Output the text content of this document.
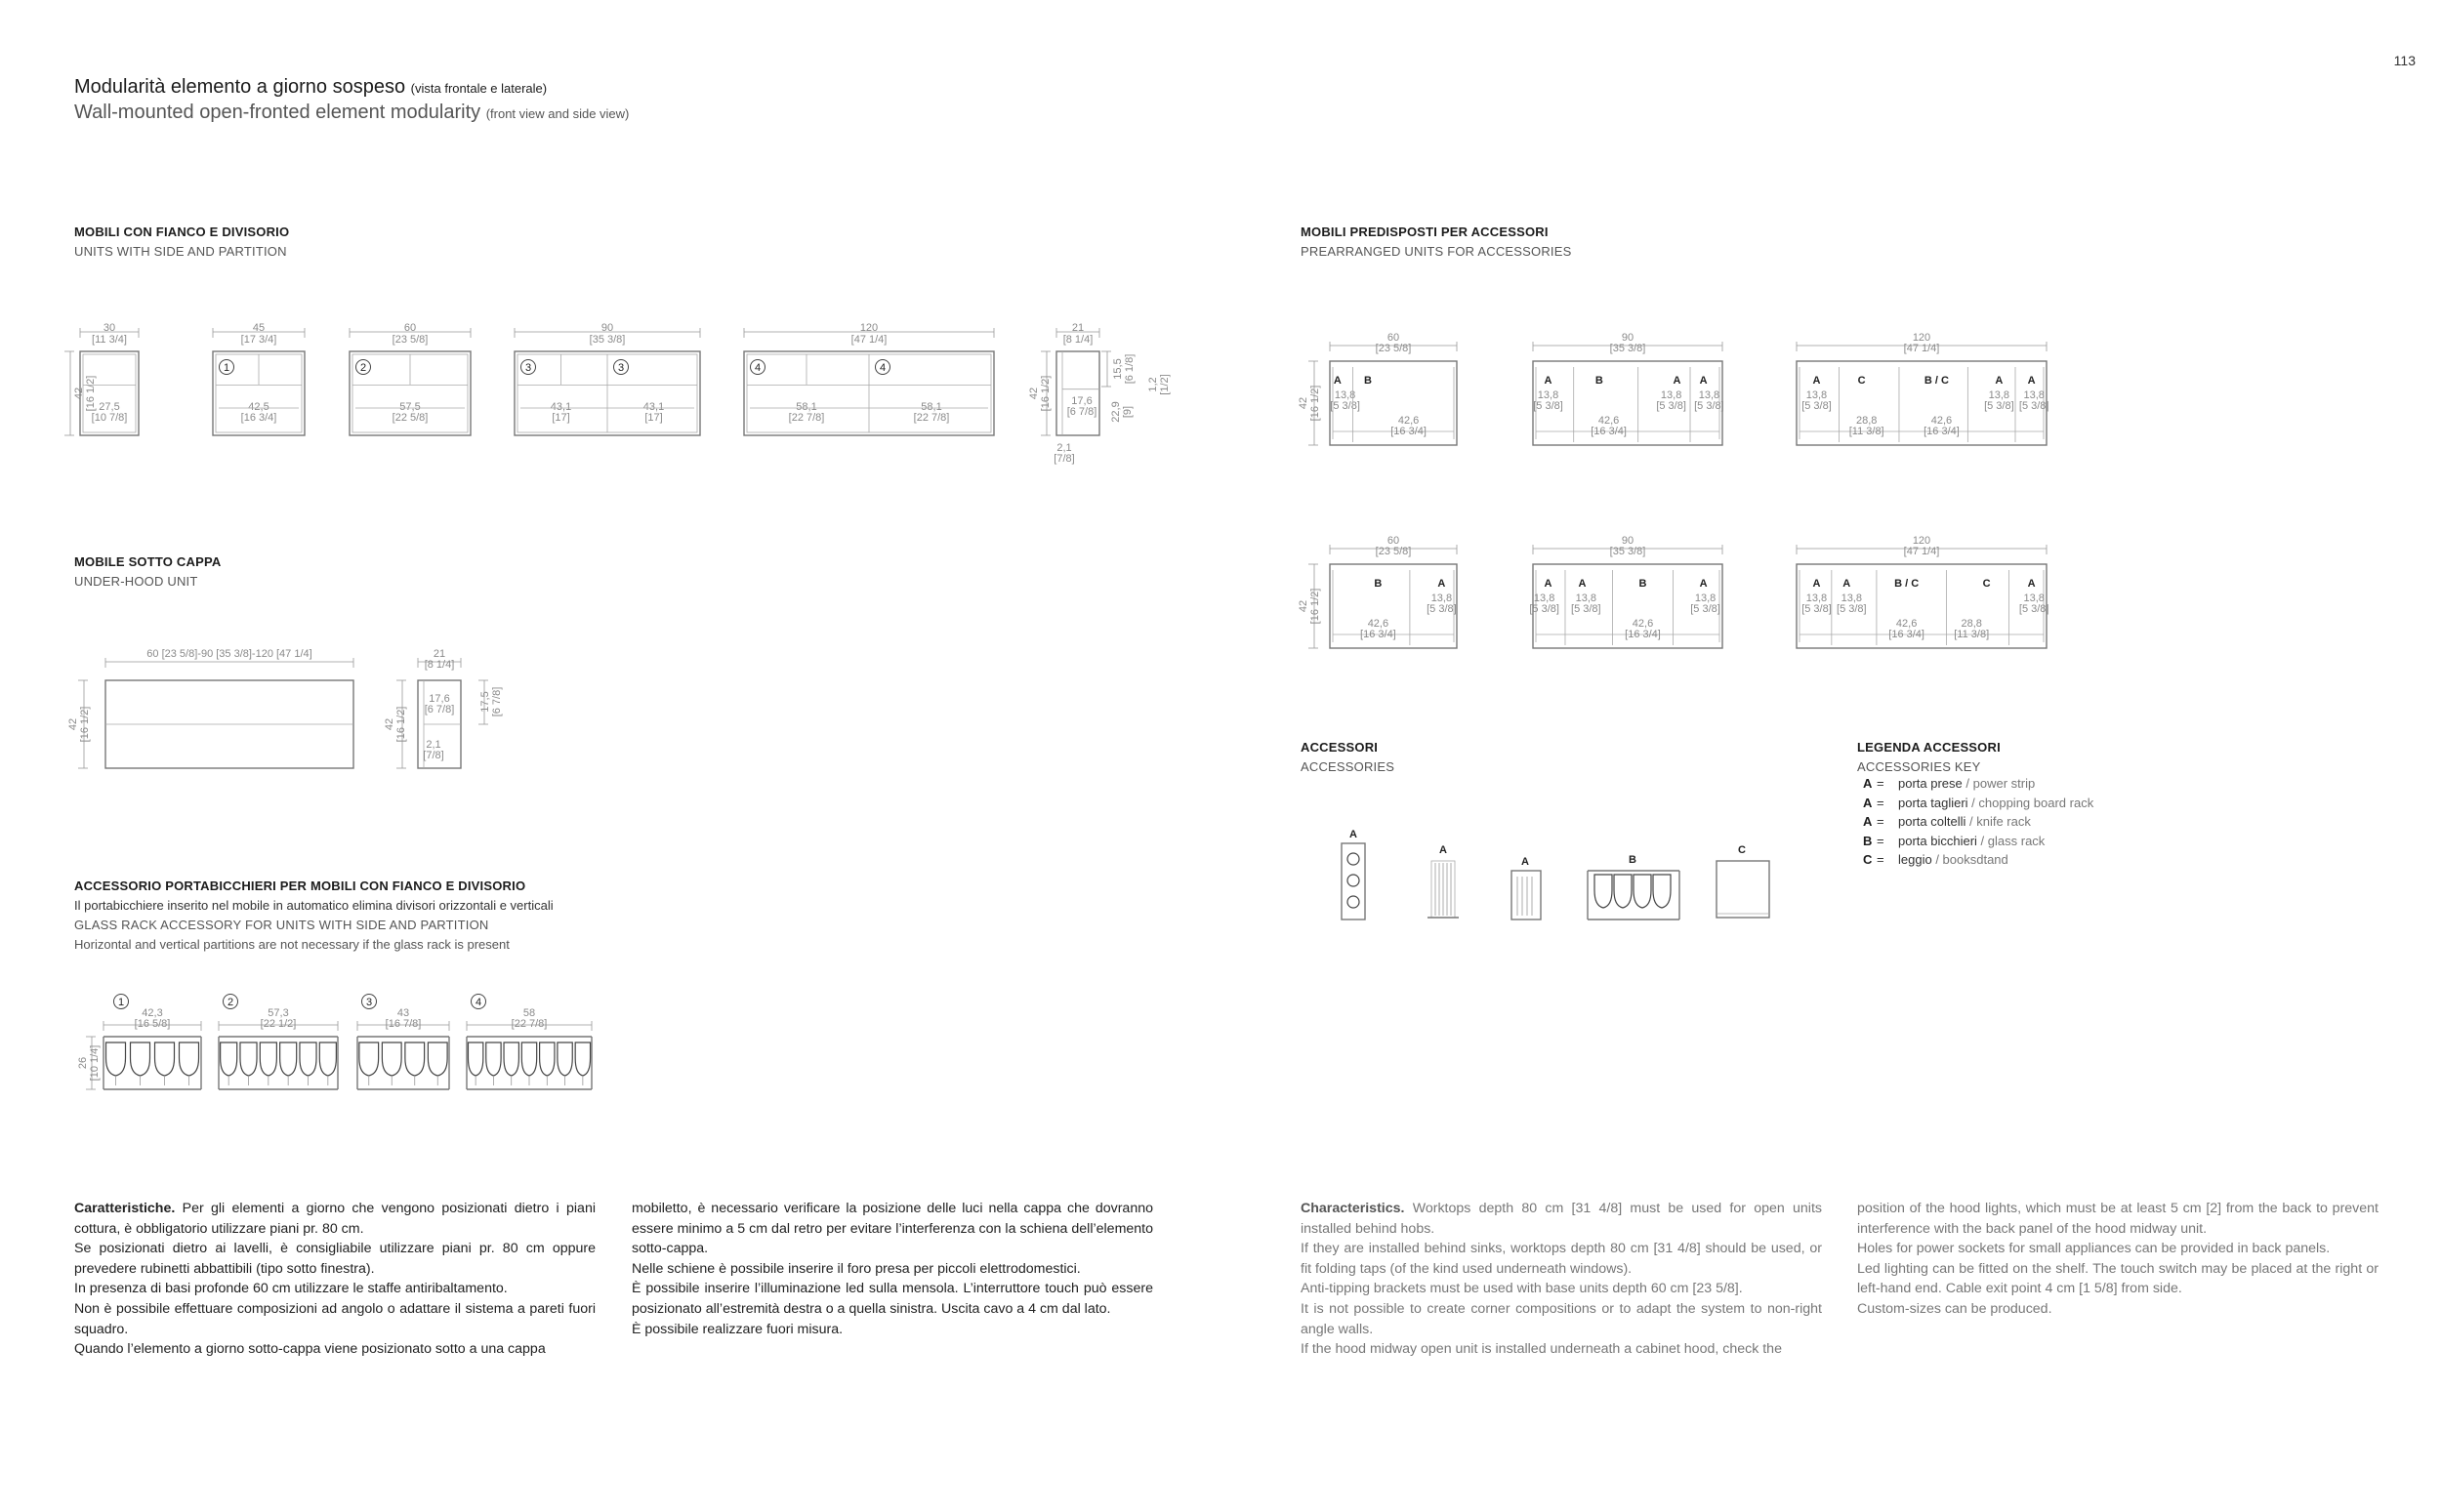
113
Modularità elemento a giorno sospeso (vista frontale e laterale)
Wall-mounted open-fronted element modularity (front view and side view)
MOBILI CON FIANCO E DIVISORIO
UNITS WITH SIDE AND PARTITION
MOBILE SOTTO CAPPA
UNDER-HOOD UNIT
ACCESSORIO PORTABICCHIERI PER MOBILI CON FIANCO E DIVISORIO
Il portabicchiere inserito nel mobile in automatico elimina divisori orizzontali e verticali
GLASS RACK ACCESSORY FOR UNITS WITH SIDE AND PARTITION
Horizontal and vertical partitions are not necessary if the glass rack is present
MOBILI PREDISPOSTI PER ACCESSORI
PREARRANGED UNITS FOR ACCESSORIES
ACCESSORI
ACCESSORIES
LEGENDA ACCESSORI
ACCESSORIES KEY
A = porta prese / power strip
A = porta taglieri / chopping board rack
A = porta coltelli / knife rack
B = porta bicchieri / glass rack
C = leggio / booksdtand
42 [16 1/2]
30
[11 3/4]
27,5
[10 7/8]
45
[17 3/4]
1
42,5
[16 3/4]
60
[23 5/8]
2
57,5
[22 5/8]
90
[35 3/8]
3	3
43,1
[17]
43,1
[17]
120
[47 1/4]
4	4
58,1
[22 7/8]
58,1
[22 7/8]
21
[8 1/4]
42 [16 1/2] 17,6
[6 7/8]
2,1
[7/8]
15,5 [6 1/8]
22,9 [9]
1,2 [1/2]
60 [23 5/8]-90 [35 3/8]-120 [47 1/4]
42 [16 1/2]
21
[8 1/4]
42 [16 1/2]
17,6
[6 7/8]
2,1
[7/8]
17,5 [6 7/8]
26 [10 1/4]
1
42,3
[16 5/8]
2
57,3
[22 1/2]
3
43
[16 7/8]
4
58
[22 7/8]
42 [16 1/2]
60
[23 5/8]
A B
13,8
[5 3/8]
42,6
[16 3/4]
90
[35 3/8]
A	B	A A
13,8
[5 3/8]
42,6
[16 3/4]
13,8
[5 3/8]
13,8
[5 3/8]
120
[47 1/4]
A	C	B / C	A A
13,8
[5 3/8]
28,8
[11 3/8]
42,6
[16 3/4]
13,8
[5 3/8]
13,8
[5 3/8]
42 [16 1/2]
60
[23 5/8]
B	A
42,6
[16 3/4]
13,8
[5 3/8]
90
[35 3/8]
A A	B	A
13,8
[5 3/8]
13,8
[5 3/8]
42,6
[16 3/4]
13,8
[5 3/8]
120
[47 1/4]
A A	B / C	C	A
13,8
[5 3/8]
13,8
[5 3/8]
42,6
[16 3/4]
28,8
[11 3/8]
13,8
[5 3/8]
A
A
A	B
C

Caratteristiche. Per gli elementi a giorno che vengono posizionati dietro i piani cottura, è obbligatorio utilizzare piani pr. 80 cm.
Se posizionati dietro ai lavelli, è consigliabile utilizzare piani pr. 80 cm oppure prevedere rubinetti abbattibili (tipo sotto finestra).
In presenza di basi profonde 60 cm utilizzare le staffe antiribaltamento.
Non è possibile effettuare composizioni ad angolo o adattare il sistema a pareti fuori squadro.
Quando l’elemento a giorno sotto-cappa viene posizionato sotto a una cappa

mobiletto, è necessario verificare la posizione delle luci nella cappa che dovranno essere minimo a 5 cm dal retro per evitare l’interferenza con la schiena dell’elemento sotto-cappa.
Nelle schiene è possibile inserire il foro presa per piccoli elettrodomestici.
È possibile inserire l’illuminazione led sulla mensola. L’interruttore touch può essere posizionato all’estremità destra o a quella sinistra. Uscita cavo a 4 cm dal lato.
È possibile realizzare fuori misura.

Characteristics. Worktops depth 80 cm [31 4/8] must be used for open units installed behind hobs.
If they are installed behind sinks, worktops depth 80 cm [31 4/8] should be used, or fit folding taps (of the kind used underneath windows).
Anti-tipping brackets must be used with base units depth 60 cm [23 5/8].
It is not possible to create corner compositions or to adapt the system to non-right angle walls.
If the hood midway open unit is installed underneath a cabinet hood, check the

position of the hood lights, which must be at least 5 cm [2] from the back to prevent interference with the back panel of the hood midway unit.
Holes for power sockets for small appliances can be provided in back panels.
Led lighting can be fitted on the shelf. The touch switch may be placed at the right or left-hand end. Cable exit point 4 cm [1 5/8] from side.
Custom-sizes can be produced.
